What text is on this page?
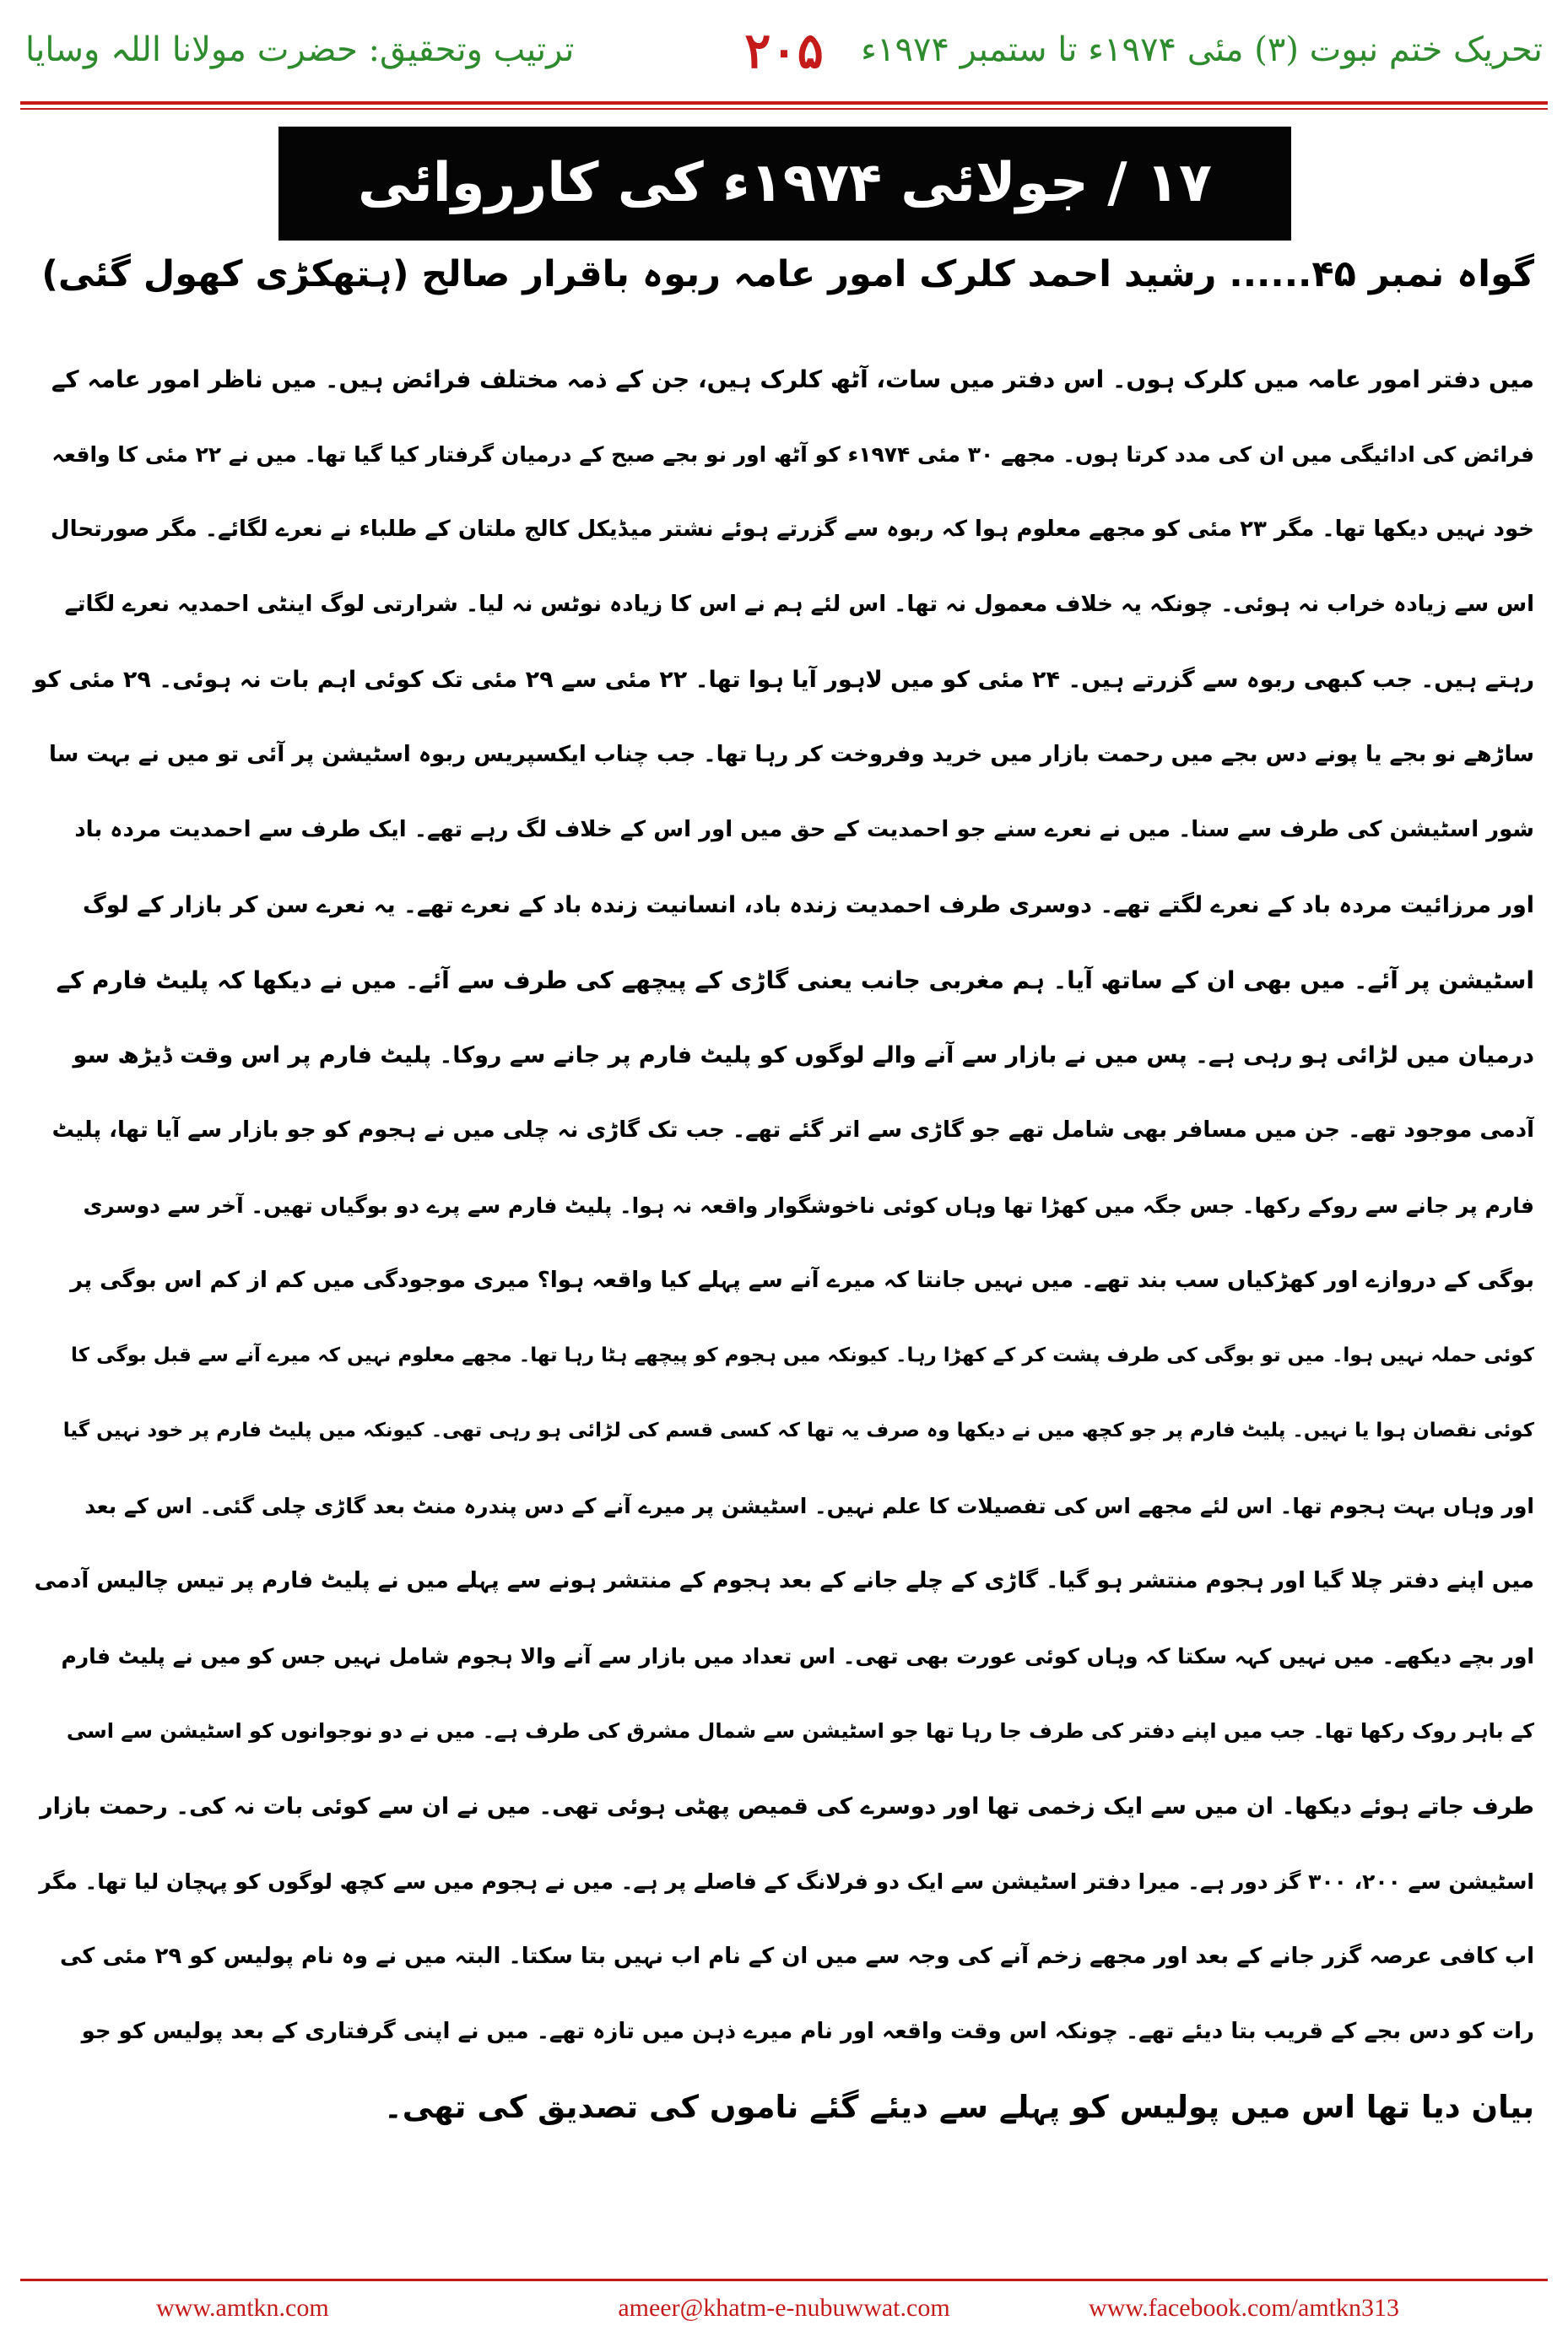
تحریک ختم نبوت (۳) مئی ۱۹۷۴ء تا ستمبر ۱۹۷۴ء
۲۰۵
ترتیب وتحقیق: حضرت مولانا اللہ وسایا
۱۷ / جولائی ۱۹۷۴ء کی کارروائی
گواہ نمبر ۴۵...... رشید احمد کلرک امور عامہ ربوہ باقرار صالح (ہتھکڑی کھول گئی)

میں دفتر امور عامہ میں کلرک ہوں۔ اس دفتر میں سات، آٹھ کلرک ہیں، جن کے ذمہ مختلف فرائض ہیں۔ میں ناظر امور عامہ کے

فرائض کی ادائیگی میں ان کی مدد کرتا ہوں۔ مجھے ۳۰ مئی ۱۹۷۴ء کو آٹھ اور نو بجے صبح کے درمیان گرفتار کیا گیا تھا۔ میں نے ۲۲ مئی کا واقعہ

خود نہیں دیکھا تھا۔ مگر ۲۳ مئی کو مجھے معلوم ہوا کہ ربوہ سے گزرتے ہوئے نشتر میڈیکل کالج ملتان کے طلباء نے نعرے لگائے۔ مگر صورتحال

اس سے زیادہ خراب نہ ہوئی۔ چونکہ یہ خلاف معمول نہ تھا۔ اس لئے ہم نے اس کا زیادہ نوٹس نہ لیا۔ شرارتی لوگ اینٹی احمدیہ نعرے لگاتے

رہتے ہیں۔ جب کبھی ربوہ سے گزرتے ہیں۔ ۲۴ مئی کو میں لاہور آیا ہوا تھا۔ ۲۲ مئی سے ۲۹ مئی تک کوئی اہم بات نہ ہوئی۔ ۲۹ مئی کو

ساڑھے نو بجے یا پونے دس بجے میں رحمت بازار میں خرید وفروخت کر رہا تھا۔ جب چناب ایکسپریس ربوہ اسٹیشن پر آئی تو میں نے بہت سا

شور اسٹیشن کی طرف سے سنا۔ میں نے نعرے سنے جو احمدیت کے حق میں اور اس کے خلاف لگ رہے تھے۔ ایک طرف سے احمدیت مردہ باد

اور مرزائیت مردہ باد کے نعرے لگتے تھے۔ دوسری طرف احمدیت زندہ باد، انسانیت زندہ باد کے نعرے تھے۔ یہ نعرے سن کر بازار کے لوگ

اسٹیشن پر آئے۔ میں بھی ان کے ساتھ آیا۔ ہم مغربی جانب یعنی گاڑی کے پیچھے کی طرف سے آئے۔ میں نے دیکھا کہ پلیٹ فارم کے

درمیان میں لڑائی ہو رہی ہے۔ پس میں نے بازار سے آنے والے لوگوں کو پلیٹ فارم پر جانے سے روکا۔ پلیٹ فارم پر اس وقت ڈیڑھ سو

آدمی موجود تھے۔ جن میں مسافر بھی شامل تھے جو گاڑی سے اتر گئے تھے۔ جب تک گاڑی نہ چلی میں نے ہجوم کو جو بازار سے آیا تھا، پلیٹ

فارم پر جانے سے روکے رکھا۔ جس جگہ میں کھڑا تھا وہاں کوئی ناخوشگوار واقعہ نہ ہوا۔ پلیٹ فارم سے پرے دو بوگیاں تھیں۔ آخر سے دوسری

بوگی کے دروازے اور کھڑکیاں سب بند تھے۔ میں نہیں جانتا کہ میرے آنے سے پہلے کیا واقعہ ہوا؟ میری موجودگی میں کم از کم اس بوگی پر

کوئی حملہ نہیں ہوا۔ میں تو بوگی کی طرف پشت کر کے کھڑا رہا۔ کیونکہ میں ہجوم کو پیچھے ہٹا رہا تھا۔ مجھے معلوم نہیں کہ میرے آنے سے قبل بوگی کا

کوئی نقصان ہوا یا نہیں۔ پلیٹ فارم پر جو کچھ میں نے دیکھا وہ صرف یہ تھا کہ کسی قسم کی لڑائی ہو رہی تھی۔ کیونکہ میں پلیٹ فارم پر خود نہیں گیا

اور وہاں بہت ہجوم تھا۔ اس لئے مجھے اس کی تفصیلات کا علم نہیں۔ اسٹیشن پر میرے آنے کے دس پندرہ منٹ بعد گاڑی چلی گئی۔ اس کے بعد

میں اپنے دفتر چلا گیا اور ہجوم منتشر ہو گیا۔ گاڑی کے چلے جانے کے بعد ہجوم کے منتشر ہونے سے پہلے میں نے پلیٹ فارم پر تیس چالیس آدمی

اور بچے دیکھے۔ میں نہیں کہہ سکتا کہ وہاں کوئی عورت بھی تھی۔ اس تعداد میں بازار سے آنے والا ہجوم شامل نہیں جس کو میں نے پلیٹ فارم

کے باہر روک رکھا تھا۔ جب میں اپنے دفتر کی طرف جا رہا تھا جو اسٹیشن سے شمال مشرق کی طرف ہے۔ میں نے دو نوجوانوں کو اسٹیشن سے اسی

طرف جاتے ہوئے دیکھا۔ ان میں سے ایک زخمی تھا اور دوسرے کی قمیص پھٹی ہوئی تھی۔ میں نے ان سے کوئی بات نہ کی۔ رحمت بازار

اسٹیشن سے ۲۰۰، ۳۰۰ گز دور ہے۔ میرا دفتر اسٹیشن سے ایک دو فرلانگ کے فاصلے پر ہے۔ میں نے ہجوم میں سے کچھ لوگوں کو پہچان لیا تھا۔ مگر

اب کافی عرصہ گزر جانے کے بعد اور مجھے زخم آنے کی وجہ سے میں ان کے نام اب نہیں بتا سکتا۔ البتہ میں نے وہ نام پولیس کو ۲۹ مئی کی

رات کو دس بجے کے قریب بتا دیئے تھے۔ چونکہ اس وقت واقعہ اور نام میرے ذہن میں تازہ تھے۔ میں نے اپنی گرفتاری کے بعد پولیس کو جو

بیان دیا تھا اس میں پولیس کو پہلے سے دیئے گئے ناموں کی تصدیق کی تھی۔

www.amtkn.com	ameer@khatm-e-nubuwwat.com	www.facebook.com/amtkn313
